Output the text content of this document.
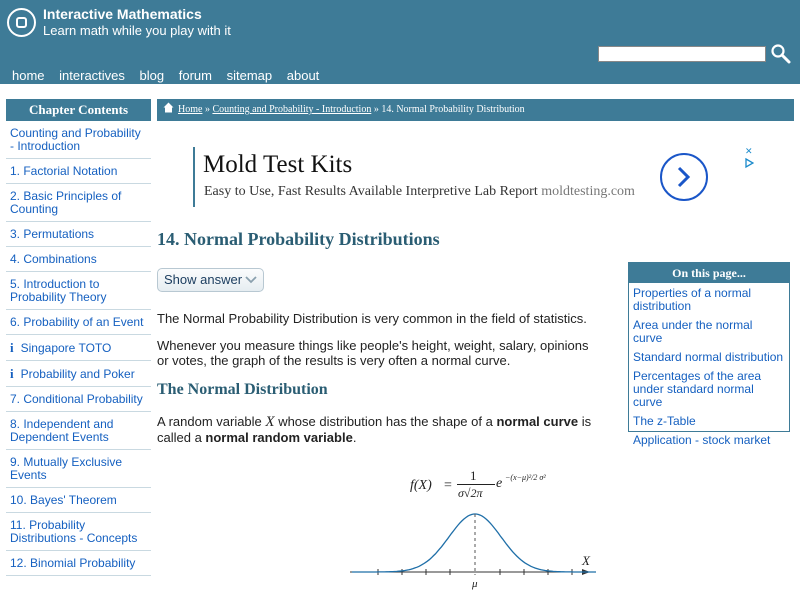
Interactive Mathematics
Learn math while you play with it
home interactives blog forum sitemap about
Chapter Contents
Counting and Probability - Introduction
1. Factorial Notation
2. Basic Principles of Counting
3. Permutations
4. Combinations
5. Introduction to Probability Theory
6. Probability of an Event
i Singapore TOTO
i Probability and Poker
7. Conditional Probability
8. Independent and Dependent Events
9. Mutually Exclusive Events
10. Bayes' Theorem
11. Probability Distributions - Concepts
12. Binomial Probability
Home » Counting and Probability - Introduction » 14. Normal Probability Distribution
Mold Test Kits
Easy to Use, Fast Results Available Interpretive Lab Report moldtesting.com
✕
14. Normal Probability Distributions
Show answer
The Normal Probability Distribution is very common in the field of statistics.
Whenever you measure things like people's height, weight, salary, opinions or votes, the graph of the results is very often a normal curve.
The Normal Distribution
A random variable X whose distribution has the shape of a normal curve is called a normal random variable.
f(X) =
1
σ√2π
e −(x−μ)²/2 σ²
μ
X
On this page...
Properties of a normal distribution
Area under the normal curve
Standard normal distribution
Percentages of the area under standard normal curve
The z-Table
Application - stock market
